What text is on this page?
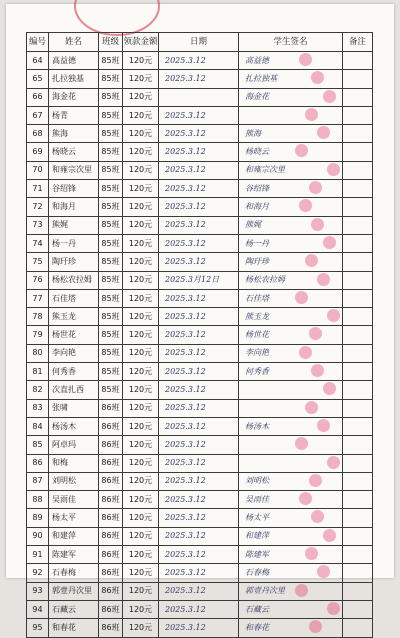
编号	姓名	班级	领款金额	日期	学生签名	备注
64	高益德	85班	120元	2025.3.12	高益德	
65	扎拉独基	85班	120元	2025.3.12	扎拉独基	
66	海金花	85班	120元		海金花	
67	杨青	85班	120元	2025.3.12	

68	熊海	85班	120元	2025.3.12	熊海	
69	杨晓云	85班	120元	2025.3.12	杨晓云	
70	和雍宗次里	85班	120元	2025.3.12	和雍宗次里	
71	谷绍锋	85班	120元	2025.3.12	谷绍锋	
72	和海月	85班	120元	2025.3.12	和海月	
73	熊娓	85班	120元	2025.3.12	熊娓	
74	杨一丹	85班	120元	2025.3.12	杨一丹	
75	陶玗珍	85班	120元	2025.3.12	陶玗珍	
76	杨松农拉姆	85班	120元	2025.3月12日	杨松农拉姆	
77	石佳塔	85班	120元	2025.3.12	石佳塔	
78	熊玉龙	85班	120元	2025.3.12	熊玉龙	
79	杨世花	85班	120元	2025.3.12	杨世花	
80	李向艳	85班	120元	2025.3.12	李向艳	
81	何秀香	85班	120元	2025.3.12	何秀香	
82	次直扎西	85班	120元	2025.3.12	

83	张啸	86班	120元	2025.3.12	

84	杨汤木	86班	120元	2025.3.12	杨汤木	
85	阿卓玛	86班	120元	2025.3.12	

86	和梅	86班	120元	2025.3.12	

87	刘明松	86班	120元	2025.3.12	刘明松	
88	吴雨佳	86班	120元	2025.3.12	吴雨佳	
89	杨太平	86班	120元	2025.3.12	杨太平	
90	和建萍	86班	120元	2025.3.12	和建萍	
91	陈建军	86班	120元	2025.3.12	陈建军	
92	石春梅	86班	120元	2025.3.12	石春梅	
93	郭壹丹次里	86班	120元	2025.3.12	郭壹丹次里	
94	石藏云	86班	120元	2025.3.12	石藏云	
95	和春花	86班	120元	2025.3.12	和春花	
